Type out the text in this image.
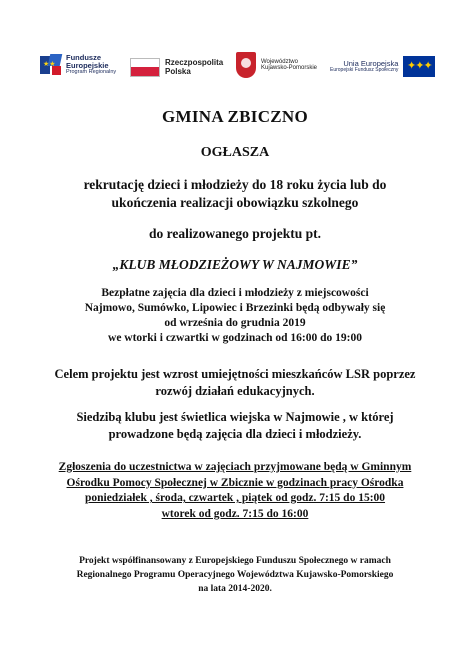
★★
Fundusze
Europejskie
Program Regionalny
Rzeczpospolita
Polska
Województwo
Kujawsko-Pomorskie
Unia Europejska
Europejski Fundusz Społeczny ✦✦✦
GMINA ZBICZNO
OGŁASZA
rekrutację dzieci i młodzieży do 18 roku życia lub do
ukończenia realizacji obowiązku szkolnego
do realizowanego projektu pt.
„KLUB MŁODZIEŻOWY W NAJMOWIE”
Bezpłatne zajęcia dla dzieci i młodzieży z miejscowości
Najmowo, Sumówko, Lipowiec i Brzezinki będą odbywały się
od września do grudnia 2019
we wtorki i czwartki w godzinach od 16:00 do 19:00
Celem projektu jest wzrost umiejętności mieszkańców LSR poprzez
rozwój działań edukacyjnych.
Siedzibą klubu jest świetlica wiejska w Najmowie , w której
prowadzone będą zajęcia dla dzieci i młodzieży.
Zgłoszenia do uczestnictwa w zajęciach przyjmowane będą w Gminnym
Ośrodku Pomocy Społecznej w Zbicznie w godzinach pracy Ośrodka
poniedziałek , środa, czwartek , piątek od godz. 7:15 do 15:00
wtorek od godz. 7:15 do 16:00
Projekt współfinansowany z Europejskiego Funduszu Społecznego w ramach
Regionalnego Programu Operacyjnego Województwa Kujawsko-Pomorskiego
na lata 2014-2020.
